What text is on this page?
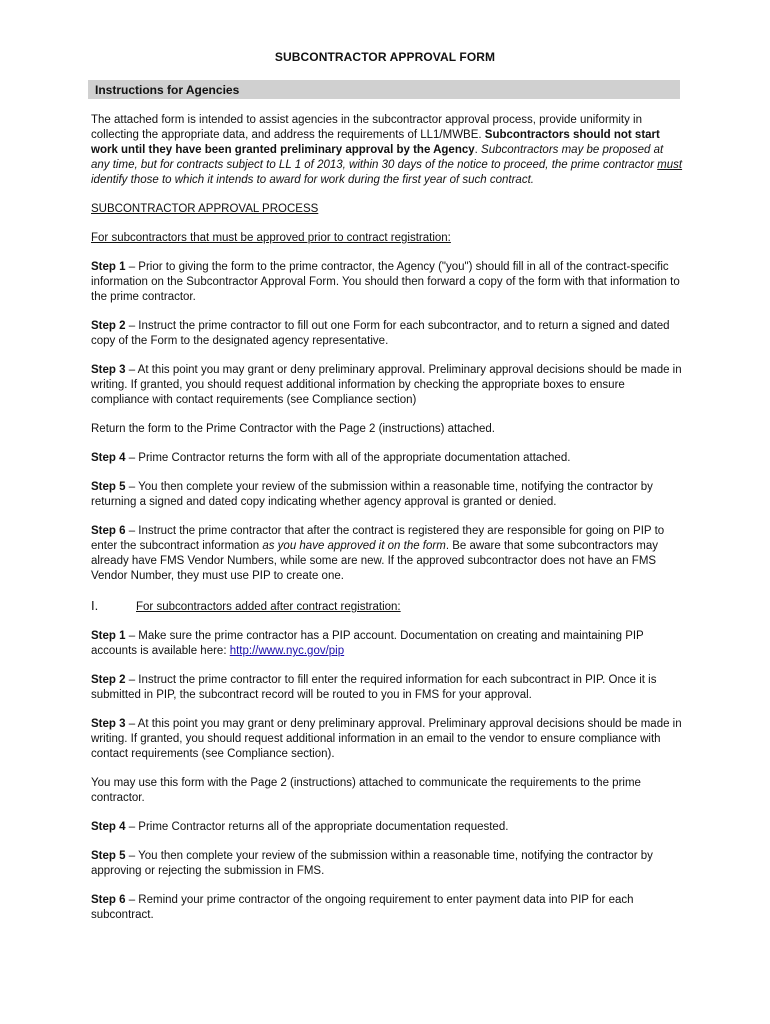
SUBCONTRACTOR APPROVAL FORM
Instructions for Agencies

The attached form is intended to assist agencies in the subcontractor approval process, provide uniformity in collecting the appropriate data, and address the requirements of LL1/MWBE. Subcontractors should not start work until they have been granted preliminary approval by the Agency. Subcontractors may be proposed at any time, but for contracts subject to LL 1 of 2013, within 30 days of the notice to proceed, the prime contractor must identify those to which it intends to award for work during the first year of such contract.

SUBCONTRACTOR APPROVAL PROCESS

For subcontractors that must be approved prior to contract registration:

Step 1 – Prior to giving the form to the prime contractor, the Agency ("you") should fill in all of the contract-specific information on the Subcontractor Approval Form. You should then forward a copy of the form with that information to the prime contractor.

Step 2 – Instruct the prime contractor to fill out one Form for each subcontractor, and to return a signed and dated copy of the Form to the designated agency representative.

Step 3 – At this point you may grant or deny preliminary approval. Preliminary approval decisions should be made in writing. If granted, you should request additional information by checking the appropriate boxes to ensure compliance with contact requirements (see Compliance section)

Return the form to the Prime Contractor with the Page 2 (instructions) attached.

Step 4 – Prime Contractor returns the form with all of the appropriate documentation attached.

Step 5 – You then complete your review of the submission within a reasonable time, notifying the contractor by returning a signed and dated copy indicating whether agency approval is granted or denied.

Step 6 – Instruct the prime contractor that after the contract is registered they are responsible for going on PIP to enter the subcontract information as you have approved it on the form. Be aware that some subcontractors may already have FMS Vendor Numbers, while some are new. If the approved subcontractor does not have an FMS Vendor Number, they must use PIP to create one.

I.	For subcontractors added after contract registration:

Step 1 – Make sure the prime contractor has a PIP account. Documentation on creating and maintaining PIP accounts is available here: http://www.nyc.gov/pip

Step 2 – Instruct the prime contractor to fill enter the required information for each subcontract in PIP. Once it is submitted in PIP, the subcontract record will be routed to you in FMS for your approval.

Step 3 – At this point you may grant or deny preliminary approval. Preliminary approval decisions should be made in writing. If granted, you should request additional information in an email to the vendor to ensure compliance with contact requirements (see Compliance section).

You may use this form with the Page 2 (instructions) attached to communicate the requirements to the prime contractor.

Step 4 – Prime Contractor returns all of the appropriate documentation requested.

Step 5 – You then complete your review of the submission within a reasonable time, notifying the contractor by approving or rejecting the submission in FMS.

Step 6 – Remind your prime contractor of the ongoing requirement to enter payment data into PIP for each subcontract.
